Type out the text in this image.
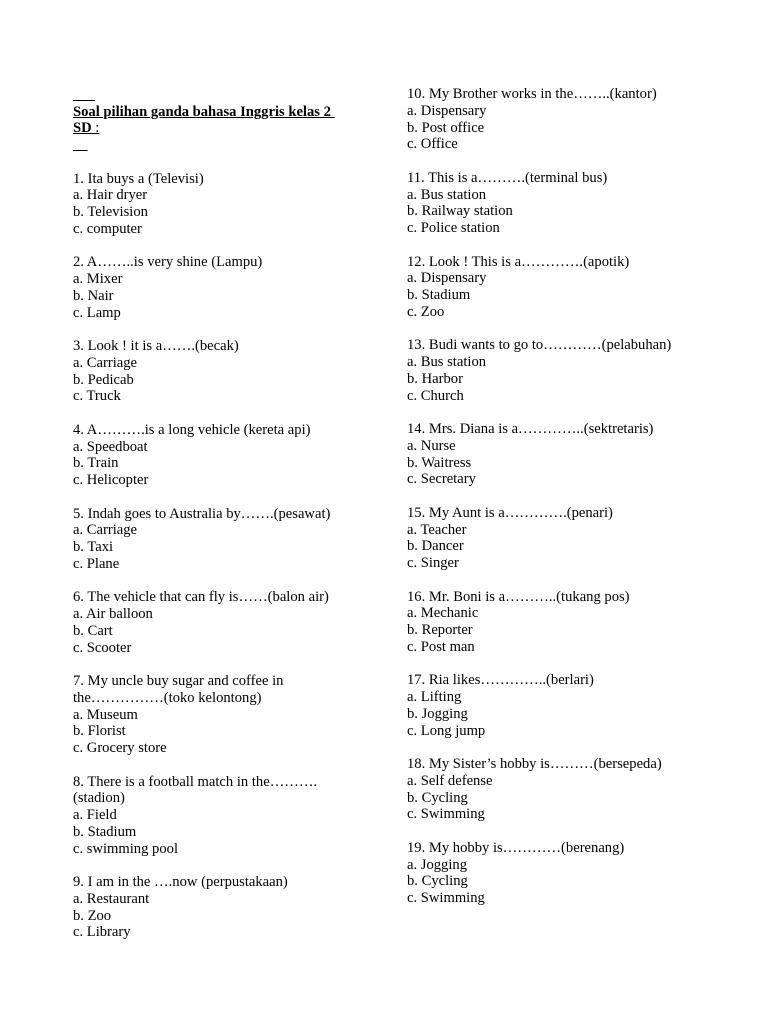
Soal pilihan ganda bahasa Inggris kelas 2
SD :

1. Ita buys a (Televisi)
a. Hair dryer
b. Television
c. computer
2. A……..is very shine (Lampu)
a. Mixer
b. Nair
c. Lamp
3. Look ! it is a…….(becak)
a. Carriage
b. Pedicab
c. Truck
4. A……….is a long vehicle (kereta api)
a. Speedboat
b. Train
c. Helicopter
5. Indah goes to Australia by…….(pesawat)
a. Carriage
b. Taxi
c. Plane
6. The vehicle that can fly is……(balon air)
a. Air balloon
b. Cart
c. Scooter
7. My uncle buy sugar and coffee in
the……………(toko kelontong)
a. Museum
b. Florist
c. Grocery store
8. There is a football match in the……….
(stadion)
a. Field
b. Stadium
c. swimming pool
9. I am in the ….now (perpustakaan)
a. Restaurant
b. Zoo
c. Library
10. My Brother works in the……..(kantor)
a. Dispensary
b. Post office
c. Office
11. This is a……….(terminal bus)
a. Bus station
b. Railway station
c. Police station
12. Look ! This is a………….(apotik)
a. Dispensary
b. Stadium
c. Zoo
13. Budi wants to go to…………(pelabuhan)
a. Bus station
b. Harbor
c. Church
14. Mrs. Diana is a…………..(sektretaris)
a. Nurse
b. Waitress
c. Secretary
15. My Aunt is a………….(penari)
a. Teacher
b. Dancer
c. Singer
16. Mr. Boni is a………..(tukang pos)
a. Mechanic
b. Reporter
c. Post man
17. Ria likes…………..(berlari)
a. Lifting
b. Jogging
c. Long jump
18. My Sister’s hobby is………(bersepeda)
a. Self defense
b. Cycling
c. Swimming
19. My hobby is…………(berenang)
a. Jogging
b. Cycling
c. Swimming
